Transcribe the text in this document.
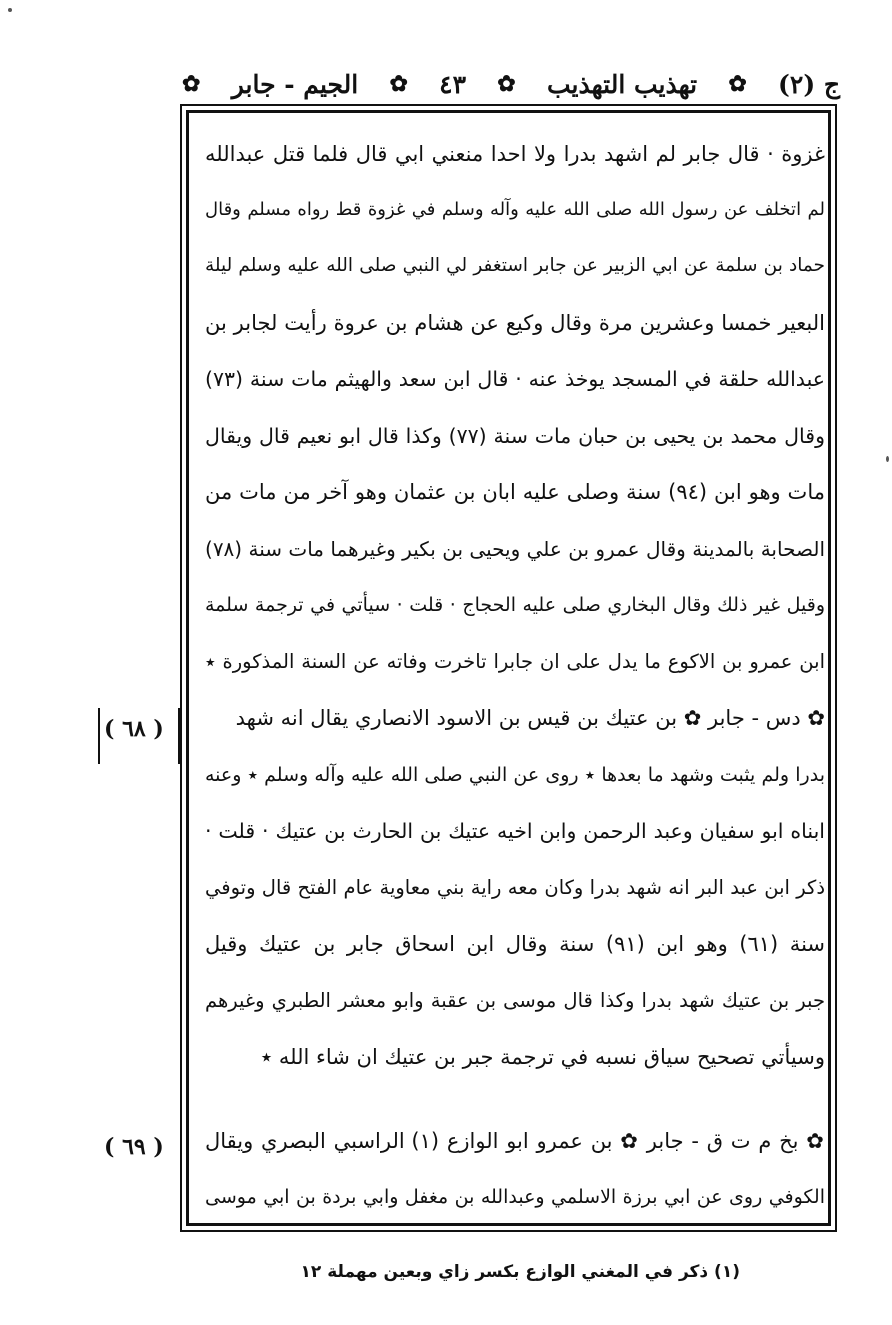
ج (٢)
✿
تهذيب التهذيب
✿
٤٣
✿
الجيم - جابر
✿
غزوة · قال جابر لم اشهد بدرا ولا احدا منعني ابي قال فلما قتل عبدالله
لم اتخلف عن رسول الله صلى الله عليه وآله وسلم في غزوة قط رواه مسلم وقال
حماد بن سلمة عن ابي الزبير عن جابر استغفر لي النبي صلى الله عليه وسلم ليلة
البعير خمسا وعشرين مرة وقال وكيع عن هشام بن عروة رأيت لجابر بن
عبدالله حلقة في المسجد يوخذ عنه · قال ابن سعد والهيثم مات سنة (٧٣)
وقال محمد بن يحيى بن حبان مات سنة (٧٧) وكذا قال ابو نعيم قال ويقال
مات وهو ابن (٩٤) سنة وصلى عليه ابان بن عثمان وهو آخر من مات من
الصحابة بالمدينة وقال عمرو بن علي ويحيى بن بكير وغيرهما مات سنة (٧٨)
وقيل غير ذلك وقال البخاري صلى عليه الحجاج · قلت · سيأتي في ترجمة سلمة
ابن عمرو بن الاكوع ما يدل على ان جابرا تاخرت وفاته عن السنة المذكورة ٭
✿ دس - جابر ✿ بن عتيك بن قيس بن الاسود الانصاري يقال انه شهد
بدرا ولم يثبت وشهد ما بعدها ٭ روى عن النبي صلى الله عليه وآله وسلم ٭ وعنه
ابناه ابو سفيان وعبد الرحمن وابن اخيه عتيك بن الحارث بن عتيك · قلت ·
ذكر ابن عبد البر انه شهد بدرا وكان معه راية بني معاوية عام الفتح قال وتوفي
سنة (٦١) وهو ابن (٩١) سنة وقال ابن اسحاق جابر بن عتيك وقيل
جبر بن عتيك شهد بدرا وكذا قال موسى بن عقبة وابو معشر الطبري وغيرهم
وسيأتي تصحيح سياق نسبه في ترجمة جبر بن عتيك ان شاء الله ٭
✿ بخ م ت ق - جابر ✿ بن عمرو ابو الوازع (١) الراسبي البصري ويقال
الكوفي روى عن ابي برزة الاسلمي وعبدالله بن مغفل وابي بردة بن ابي موسى
( ٦٨ )
( ٦٩ )
(١) ذكر في المغني الوازع بكسر زاي وبعين مهملة ١٢
